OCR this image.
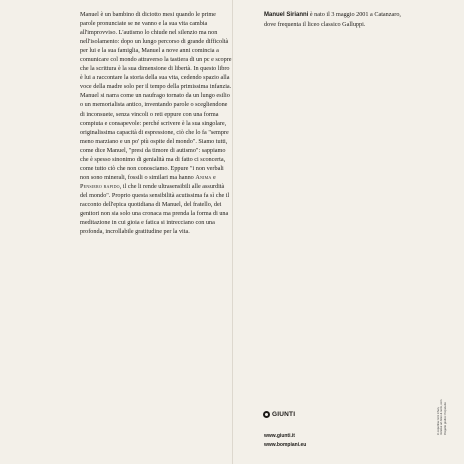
Manuel è un bambino di diciotto mesi quando le prime parole pronunciate se ne vanno e la sua vita cambia all'improvviso. L'autismo lo chiude nel silenzio ma non nell'isolamento: dopo un lungo percorso di grande difficoltà per lui e la sua famiglia, Manuel a nove anni comincia a comunicare col mondo attraverso la tastiera di un pc e scopre che la scrittura è la sua dimensione di libertà. In questo libro è lui a raccontare la storia della sua vita, cedendo spazio alla voce della madre solo per il tempo della primissima infanzia. Manuel si narra come un naufrago tornato da un lungo esilio o un memorialista antico, inventando parole o scegliendone di inconsuete, senza vincoli o reti eppure con una forma compiuta e consapevole: perché scrivere è la sua singolare, originalissima capacità di espressione, ciò che lo fa "sempre meno marziano e un po' più ospite del mondo". Siamo tutti, come dice Manuel, "presi da timore di autismo": sappiamo che è spesso sinonimo di genialità ma di fatto ci sconcerta, come tutto ciò che non conosciamo. Eppure "i non verbali non sono minerali, fossili o similari ma hanno Anima e Pensiero rapido, il che li rende ultrasensibili alle assurdità del mondo". Proprio questa sensibilità acutissima fa sì che il racconto dell'epica quotidiana di Manuel, del fratello, dei genitori non sia solo una cronaca ma prenda la forma di una meditazione in cui gioia e fatica si intrecciano con una profonda, incrollabile gratitudine per la vita.

Manuel Sirianni è nato il 3 maggio 2001 a Catanzaro, dove frequenta il liceo classico Galluppi.
In copertina: Eric Chan, minimal art Allen & nomi, com Progetto grafico: Polystudio
GIUNTI
www.giunti.it
www.bompiani.eu
